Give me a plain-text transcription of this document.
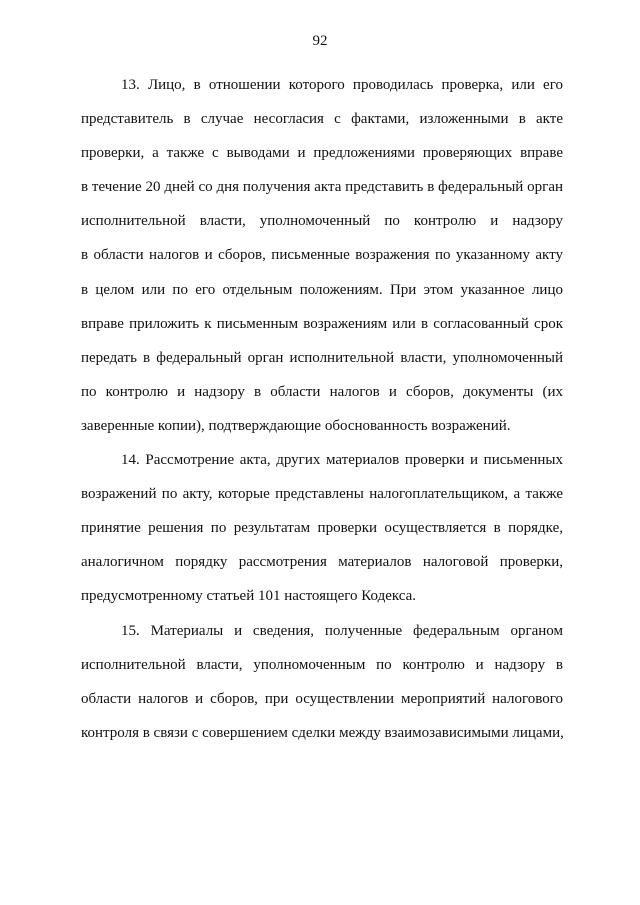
92
13. Лицо, в отношении которого проводилась проверка, или его
представитель в случае несогласия с фактами, изложенными в акте
проверки, а также с выводами и предложениями проверяющих вправе
в течение 20 дней со дня получения акта представить в федеральный орган
исполнительной власти, уполномоченный по контролю и надзору
в области налогов и сборов, письменные возражения по указанному акту
в целом или по его отдельным положениям. При этом указанное лицо
вправе приложить к письменным возражениям или в согласованный срок
передать в федеральный орган исполнительной власти, уполномоченный
по контролю и надзору в области налогов и сборов, документы (их
заверенные копии), подтверждающие обоснованность возражений.
14. Рассмотрение акта, других материалов проверки и письменных
возражений по акту, которые представлены налогоплательщиком, а также
принятие решения по результатам проверки осуществляется в порядке,
аналогичном порядку рассмотрения материалов налоговой проверки,
предусмотренному статьей 101 настоящего Кодекса.
15. Материалы и сведения, полученные федеральным органом
исполнительной власти, уполномоченным по контролю и надзору в
области налогов и сборов, при осуществлении мероприятий налогового
контроля в связи с совершением сделки между взаимозависимыми лицами,
